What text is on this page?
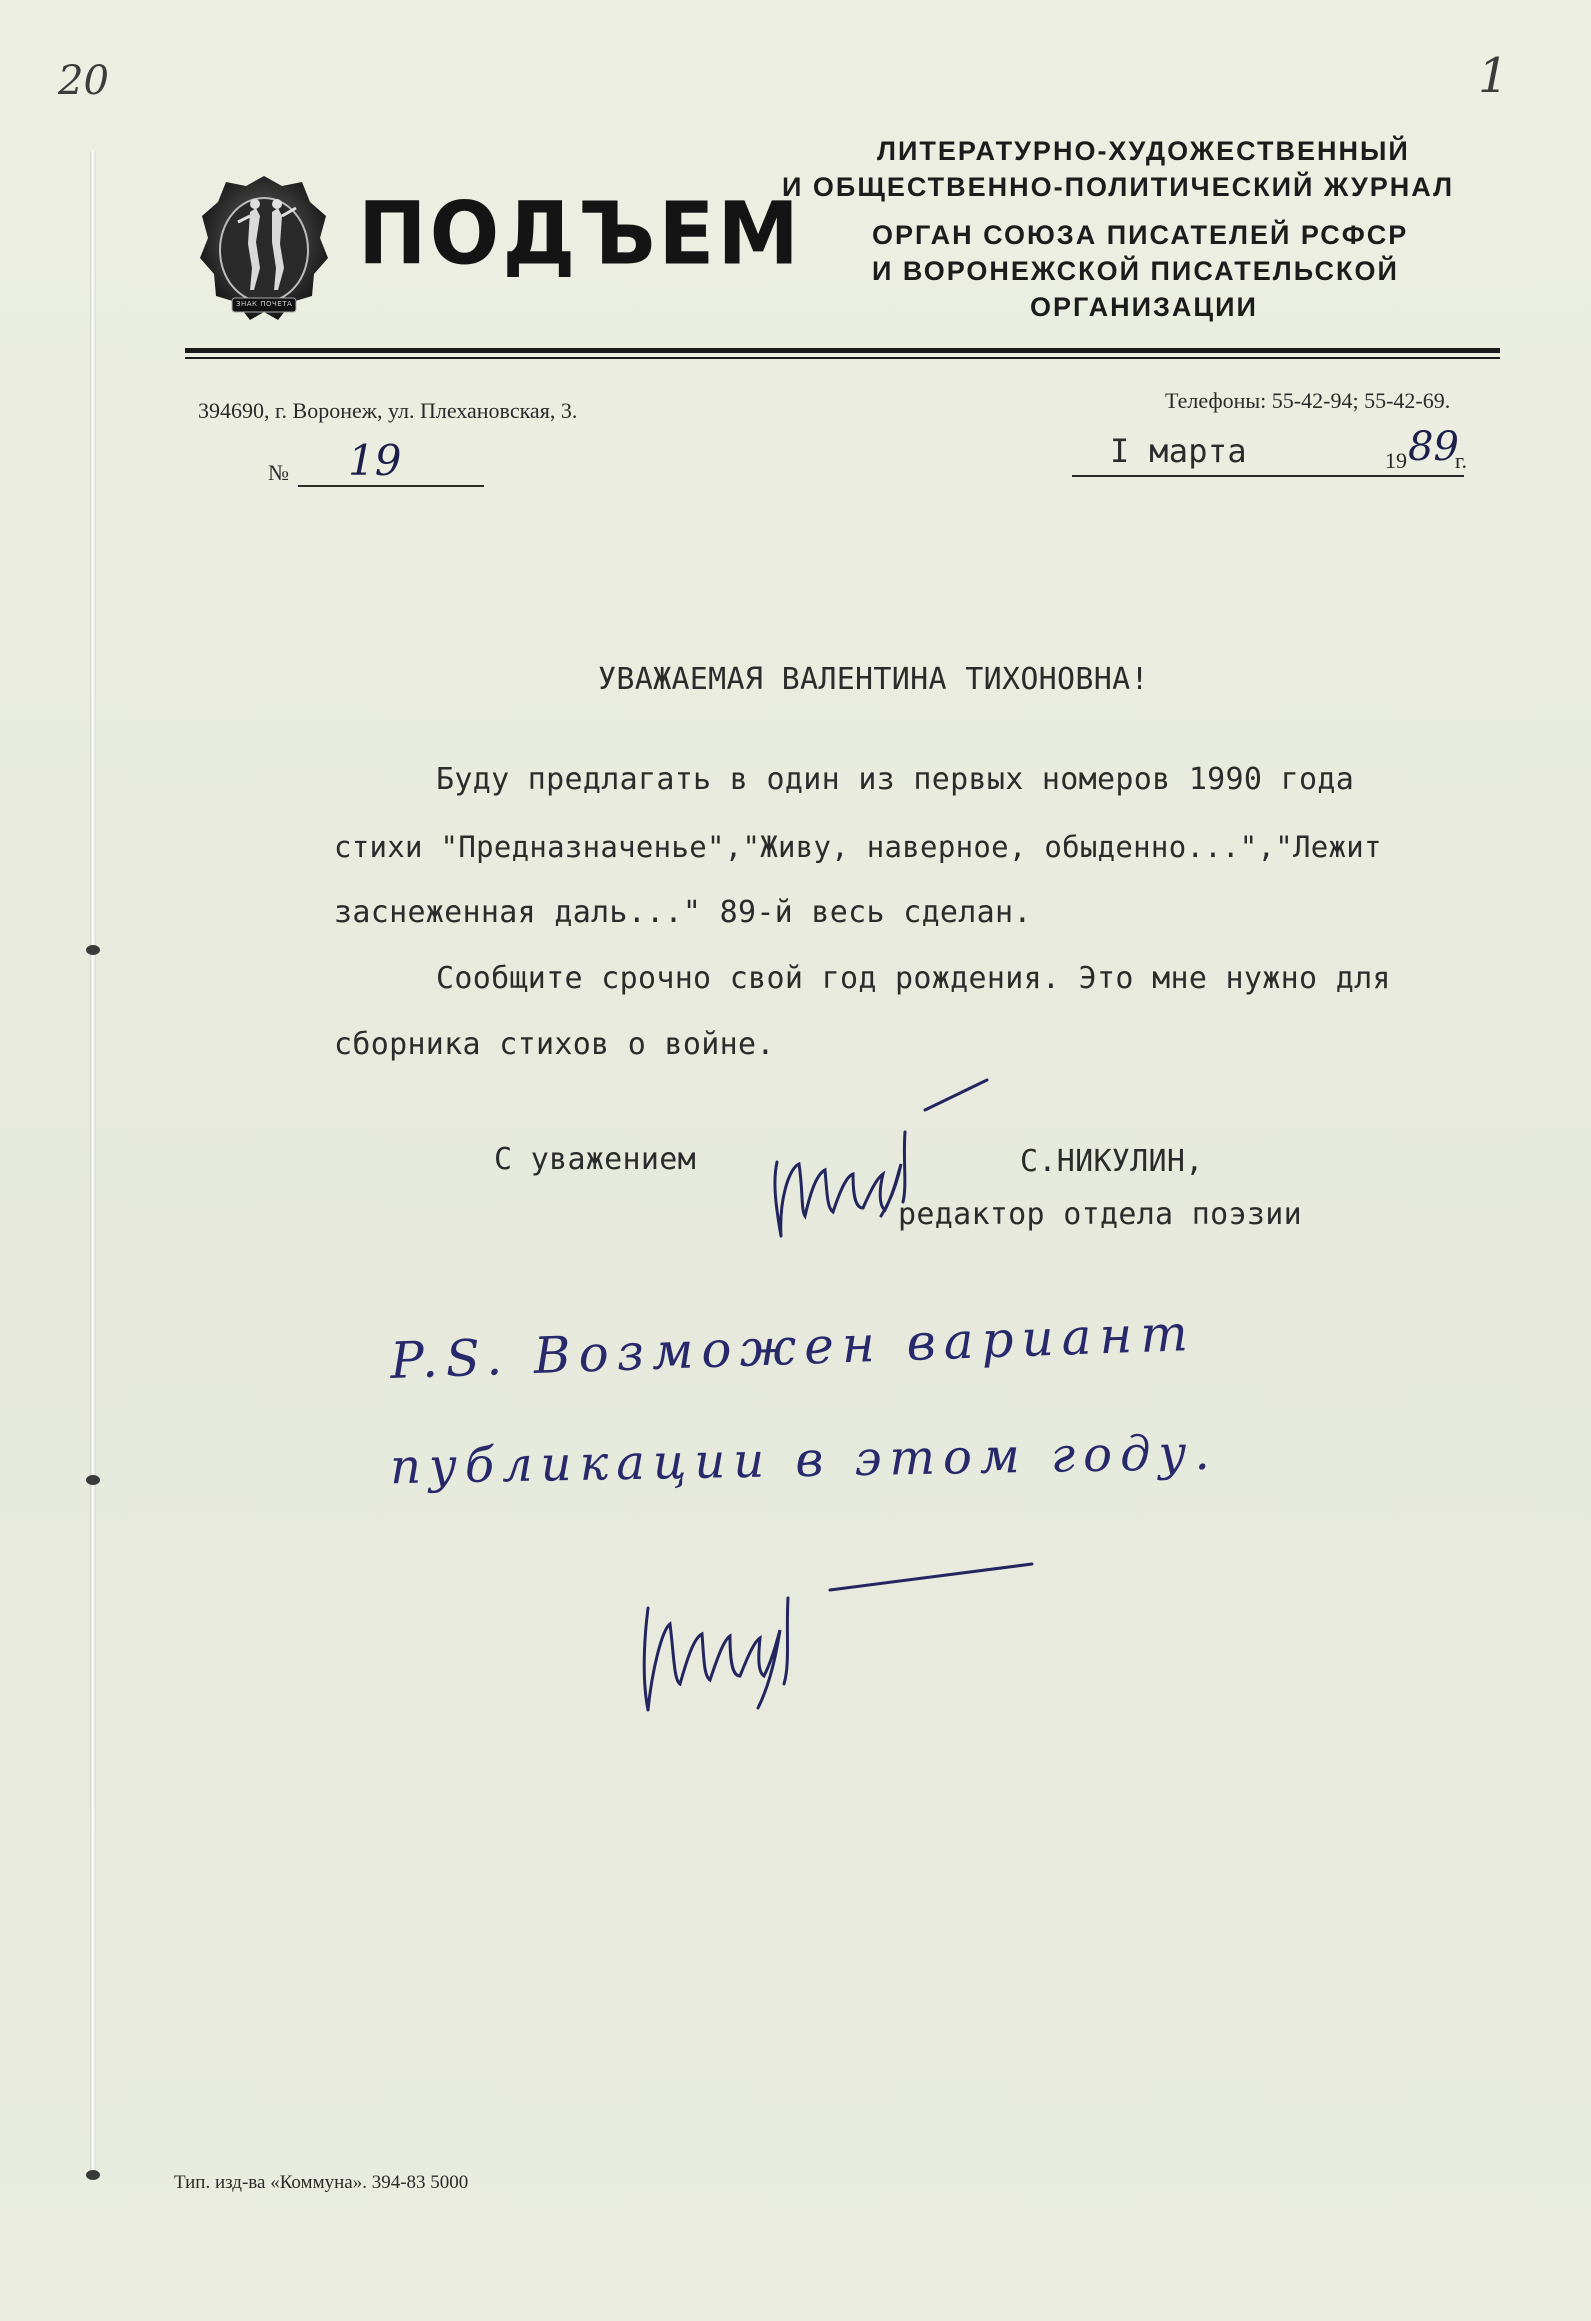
20	1
ЗНАК ПОЧЕТА
ПОДЪЕМ
ЛИТЕРАТУРНО-ХУДОЖЕСТВЕННЫЙ
И ОБЩЕСТВЕННО-ПОЛИТИЧЕСКИЙ ЖУРНАЛ
ОРГАН СОЮЗА ПИСАТЕЛЕЙ РСФСР
И ВОРОНЕЖСКОЙ ПИСАТЕЛЬСКОЙ
ОРГАНИЗАЦИИ
394690, г. Воронеж, ул. Плехановская, 3.	Телефоны: 55-42-94; 55-42-69.
№ 19	I марта	19 89
г.
УВАЖАЕМАЯ ВАЛЕНТИНА ТИХОНОВНА!
Буду предлагать в один из первых номеров 1990 года
стихи "Предназначенье","Живу, наверное, обыденно...","Лежит
заснеженная даль..." 89-й весь сделан.
Сообщите срочно свой год рождения. Это мне нужно для
сборника стихов о войне.
С уважением	С.НИКУЛИН,
редактор отдела поэзии
P.S. Возможен вариант
публикации в этом году.
Тип. изд-ва «Коммуна». 394-83 5000
